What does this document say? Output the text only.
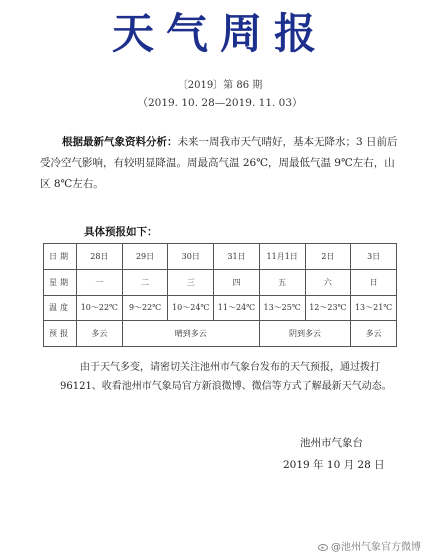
天气周报
〔2019〕第 86 期
（2019. 10. 28—2019. 11. 03）
根据最新气象资料分析：未来一周我市天气晴好，基本无降水；3 日前后受冷空气影响，有较明显降温。周最高气温 26℃，周最低气温 9℃左右，山区 8℃左右。
具体预报如下：
日期	28日	29日	30日	31日	11月1日	2日	3日
星期	一	二	三	四	五	六	日
温度	10～22℃	9～22℃	10～24℃	11～24℃	13～25℃	12～23℃	13～21℃
预报	多云	晴到多云			阴到多云		多云
由于天气多变，请密切关注池州市气象台发布的天气预报，通过拨打96121、收看池州市气象局官方新浪微博、微信等方式了解最新天气动态。
池州市气象台
2019 年 10 月 28 日
@池州气象官方微博
